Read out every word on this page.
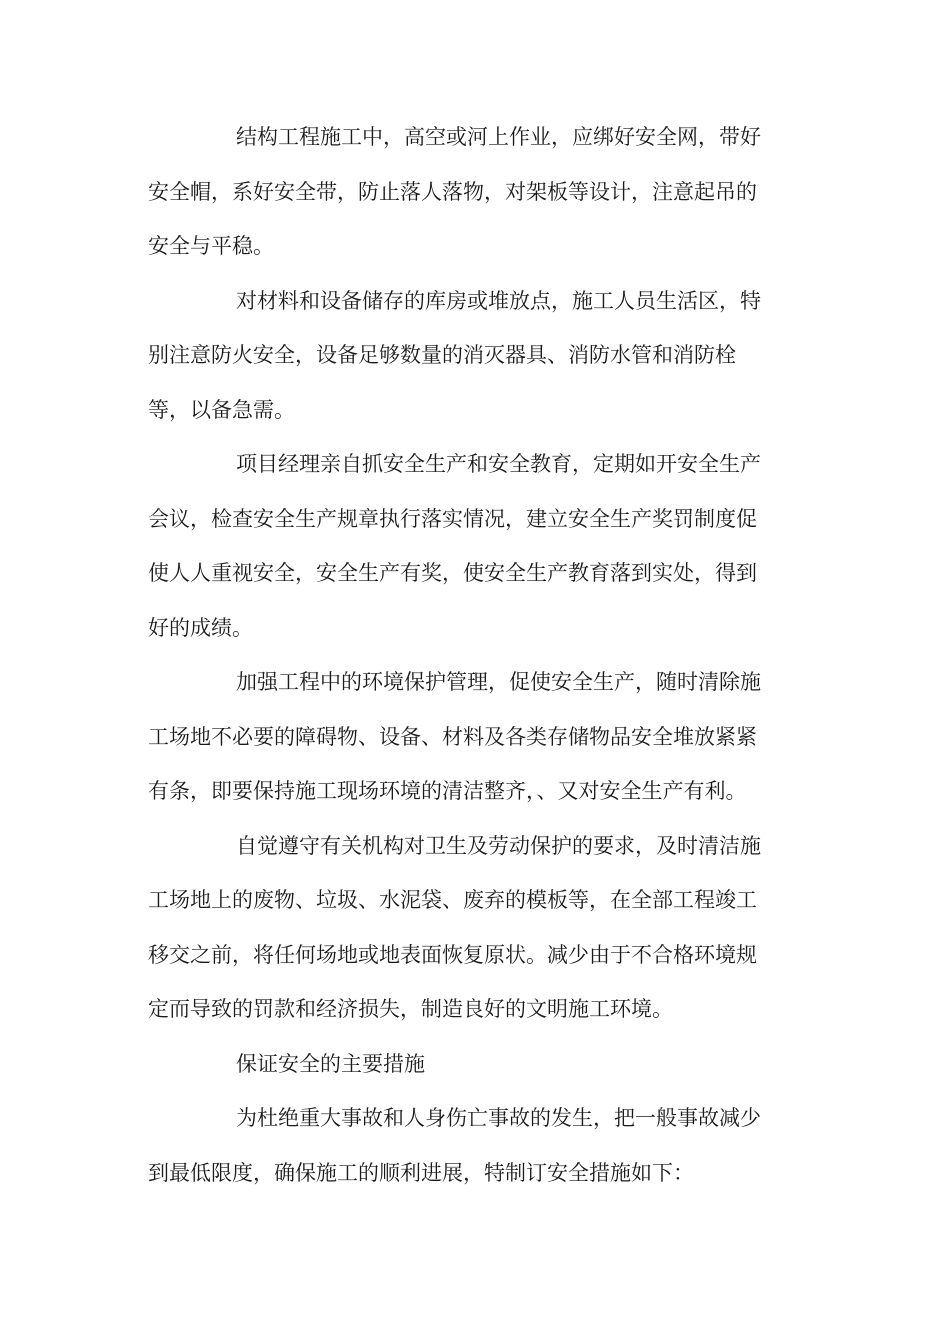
结构工程施工中，高空或河上作业，应绑好安全网，带好
安全帽，系好安全带，防止落人落物，对架板等设计，注意起吊的
安全与平稳。
对材料和设备储存的库房或堆放点，施工人员生活区，特
别注意防火安全，设备足够数量的消灭器具、消防水管和消防栓
等，以备急需。
项目经理亲自抓安全生产和安全教育，定期如开安全生产
会议，检查安全生产规章执行落实情况，建立安全生产奖罚制度促
使人人重视安全，安全生产有奖，使安全生产教育落到实处，得到
好的成绩。
加强工程中的环境保护管理，促使安全生产，随时清除施
工场地不必要的障碍物、设备、材料及各类存储物品安全堆放紧紧
有条，即要保持施工现场环境的清洁整齐，、又对安全生产有利。
自觉遵守有关机构对卫生及劳动保护的要求，及时清洁施
工场地上的废物、垃圾、水泥袋、废弃的模板等，在全部工程竣工
移交之前，将任何场地或地表面恢复原状。减少由于不合格环境规
定而导致的罚款和经济损失，制造良好的文明施工环境。
保证安全的主要措施
为杜绝重大事故和人身伤亡事故的发生，把一般事故减少
到最低限度，确保施工的顺利进展，特制订安全措施如下：
